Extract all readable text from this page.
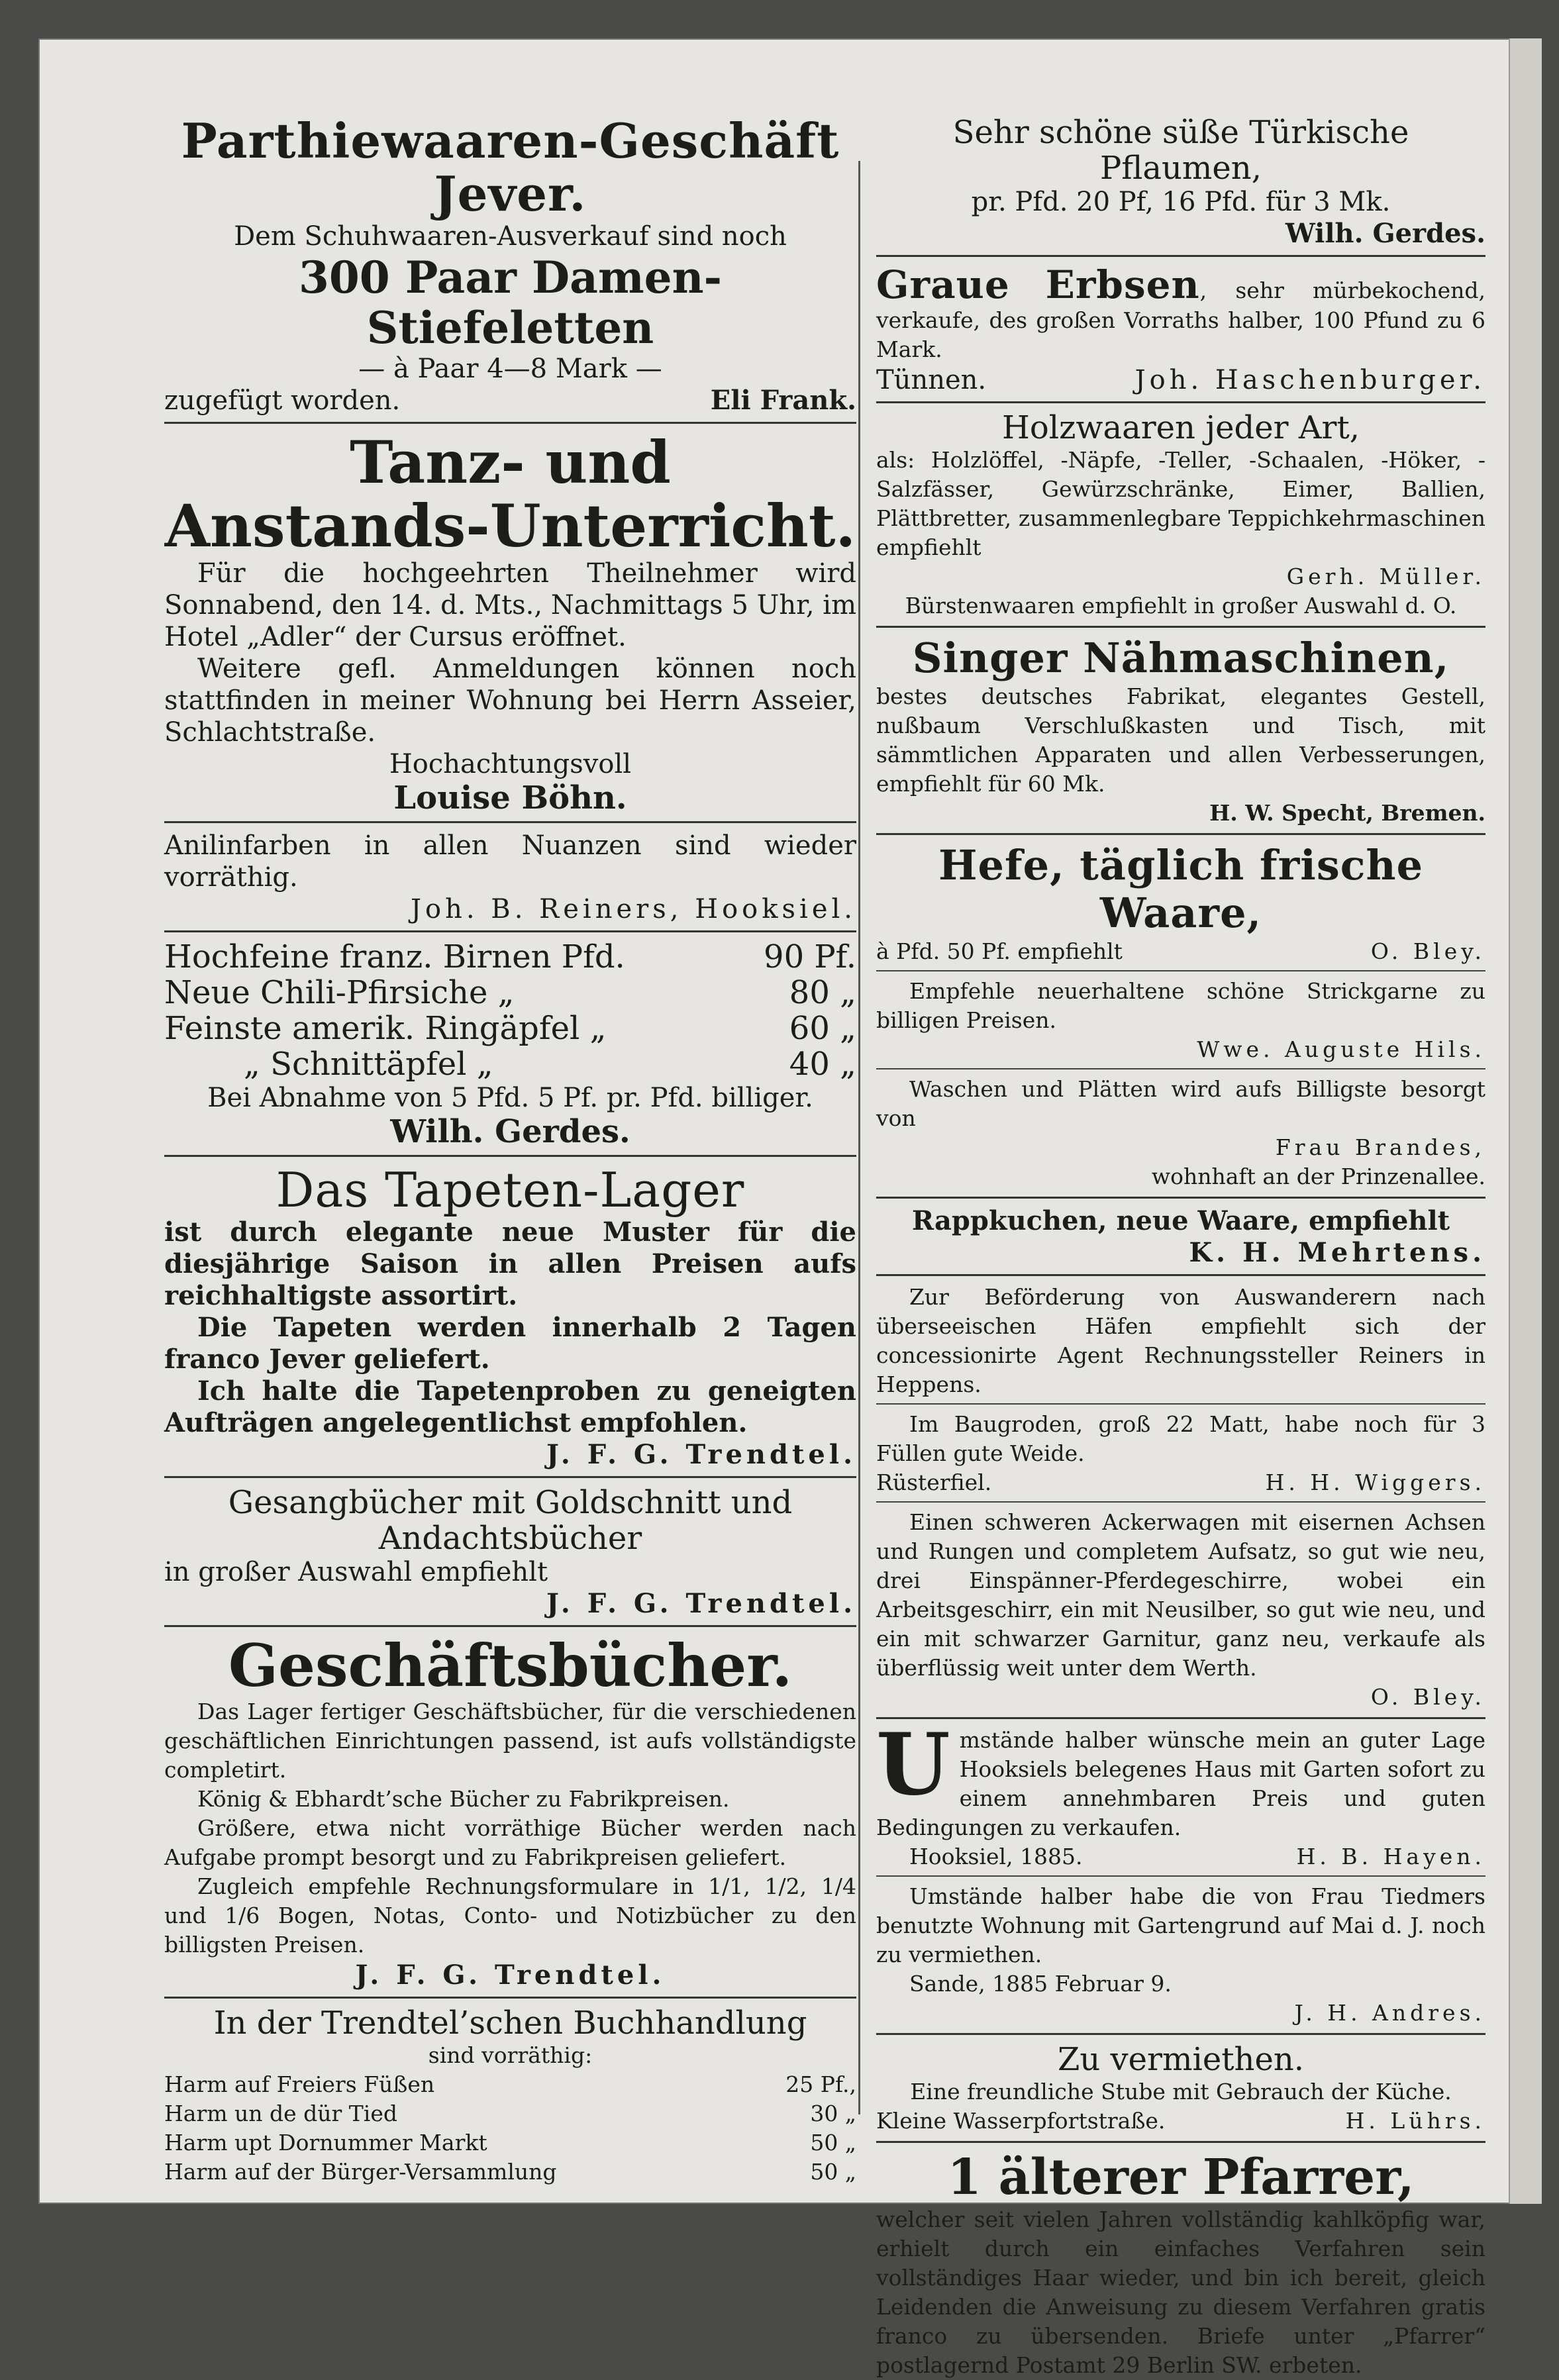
Parthiewaaren-Geschäft Jever.
Dem Schuhwaaren-Ausverkauf sind noch
300 Paar Damen-Stiefeletten
— à Paar 4—8 Mark —
zugefügt worden.	Eli Frank.
Tanz- und
Anstands-Unterricht.
Für die hochgeehrten Theilnehmer wird Sonnabend, den 14. d. Mts., Nachmittags 5 Uhr, im Hotel „Adler“ der Cursus eröffnet.
Weitere gefl. Anmeldungen können noch stattfinden in meiner Wohnung bei Herrn Asseier, Schlachtstraße.
Hochachtungsvoll
Louise Böhn.
Anilinfarben in allen Nuanzen sind wieder vorräthig.
Joh. B. Reiners, Hooksiel.
Hochfeine franz. Birnen Pfd.	90 Pf.
Neue Chili-Pfirsiche „	80 „
Feinste amerik. Ringäpfel „	60 „
„ Schnittäpfel „	40 „
Bei Abnahme von 5 Pfd. 5 Pf. pr. Pfd. billiger.
Wilh. Gerdes.
Das Tapeten-Lager
ist durch elegante neue Muster für die diesjährige Saison in allen Preisen aufs reichhaltigste assortirt.
Die Tapeten werden innerhalb 2 Tagen franco Jever geliefert.
Ich halte die Tapetenproben zu geneigten Aufträgen angelegentlichst empfohlen.
J. F. G. Trendtel.
Gesangbücher mit Goldschnitt und Andachtsbücher
in großer Auswahl empfiehlt
J. F. G. Trendtel.
Geschäftsbücher.
Das Lager fertiger Geschäftsbücher, für die verschiedenen geschäftlichen Einrichtungen passend, ist aufs vollständigste completirt.
König & Ebhardt’sche Bücher zu Fabrikpreisen.
Größere, etwa nicht vorräthige Bücher werden nach Aufgabe prompt besorgt und zu Fabrikpreisen geliefert.
Zugleich empfehle Rechnungsformulare in 1/1, 1/2, 1/4 und 1/6 Bogen, Notas, Conto- und Notizbücher zu den billigsten Preisen.
J. F. G. Trendtel.
In der Trendtel’schen Buchhandlung
sind vorräthig:
Harm auf Freiers Füßen	25 Pf.,
Harm un de dür Tied	30 „
Harm upt Dornummer Markt	50 „
Harm auf der Bürger-Versammlung	50 „
Sehr schöne süße Türkische Pflaumen,
pr. Pfd. 20 Pf, 16 Pfd. für 3 Mk.
Wilh. Gerdes.
Graue Erbsen, sehr mürbekochend, verkaufe, des großen Vorraths halber, 100 Pfund zu 6 Mark.
Tünnen.	Joh. Haschenburger.
Holzwaaren jeder Art,
als: Holzlöffel, -Näpfe, -Teller, -Schaalen, -Höker, -Salzfässer, Gewürzschränke, Eimer, Ballien, Plättbretter, zusammenlegbare Teppichkehrmaschinen empfiehlt
Gerh. Müller.
Bürstenwaaren empfiehlt in großer Auswahl d. O.
Singer Nähmaschinen,
bestes deutsches Fabrikat, elegantes Gestell, nußbaum Verschlußkasten und Tisch, mit sämmtlichen Apparaten und allen Verbesserungen, empfiehlt für 60 Mk.
H. W. Specht, Bremen.
Hefe, täglich frische Waare,
à Pfd. 50 Pf. empfiehlt	O. Bley.
Empfehle neuerhaltene schöne Strickgarne zu billigen Preisen.
Wwe. Auguste Hils.
Waschen und Plätten wird aufs Billigste besorgt von
Frau Brandes,
wohnhaft an der Prinzenallee.
Rappkuchen, neue Waare, empfiehlt
K. H. Mehrtens.
Zur Beförderung von Auswanderern nach überseeischen Häfen empfiehlt sich der concessionirte Agent Rechnungssteller Reiners in Heppens.
Im Baugroden, groß 22 Matt, habe noch für 3 Füllen gute Weide.
Rüsterfiel.	H. H. Wiggers.
Einen schweren Ackerwagen mit eisernen Achsen und Rungen und completem Aufsatz, so gut wie neu, drei Einspänner-Pferdegeschirre, wobei ein Arbeitsgeschirr, ein mit Neusilber, so gut wie neu, und ein mit schwarzer Garnitur, ganz neu, verkaufe als überflüssig weit unter dem Werth.
O. Bley.
Umstände halber wünsche mein an guter Lage Hooksiels belegenes Haus mit Garten sofort zu einem annehmbaren Preis und guten Bedingungen zu verkaufen.
Hooksiel, 1885.	H. B. Hayen.
Umstände halber habe die von Frau Tiedmers benutzte Wohnung mit Gartengrund auf Mai d. J. noch zu vermiethen.
Sande, 1885 Februar 9.
J. H. Andres.
Zu vermiethen.
Eine freundliche Stube mit Gebrauch der Küche.
Kleine Wasserpfortstraße.	H. Lührs.
1 älterer Pfarrer,
welcher seit vielen Jahren vollständig kahlköpfig war, erhielt durch ein einfaches Verfahren sein vollständiges Haar wieder, und bin ich bereit, gleich Leidenden die Anweisung zu diesem Verfahren gratis franco zu übersenden. Briefe unter „Pfarrer“ postlagernd Postamt 29 Berlin SW. erbeten.
